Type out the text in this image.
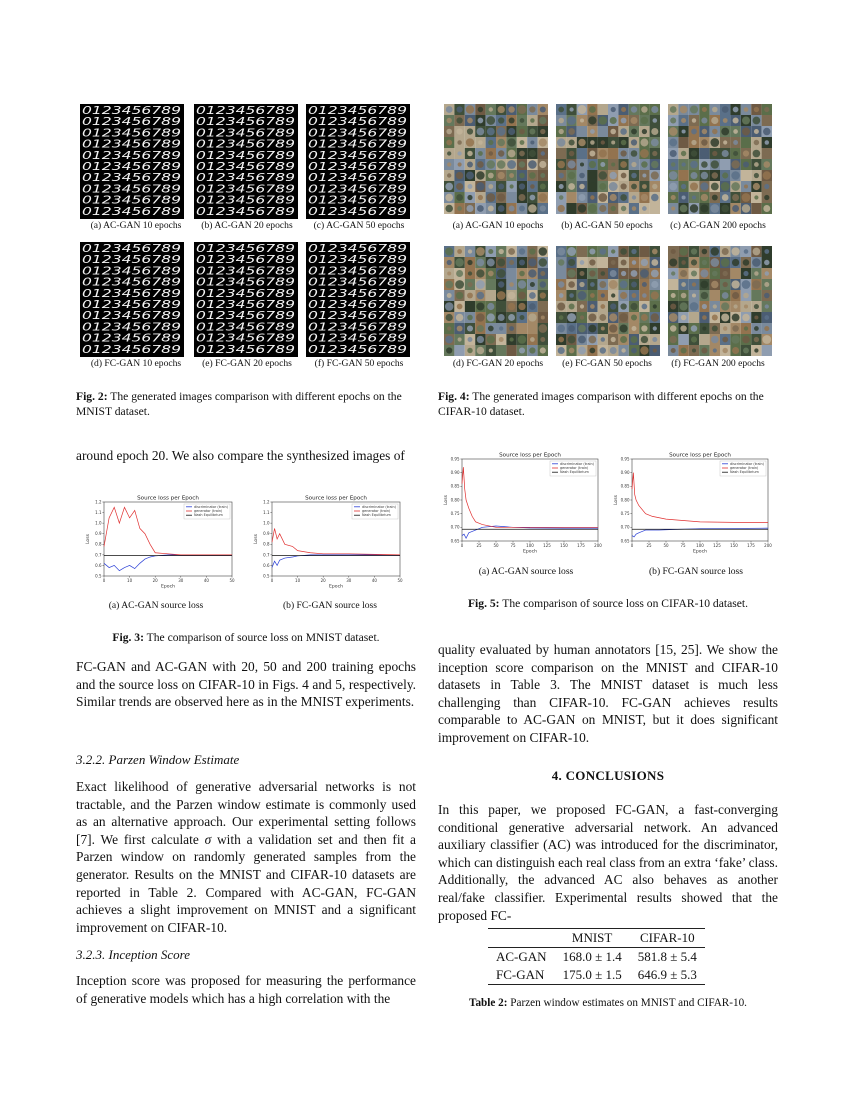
0123456789
0123456789
0123456789
0123456789
0123456789
0123456789
0123456789
0123456789
0123456789
0123456789
0123456789
0123456789
0123456789
0123456789
0123456789
0123456789
0123456789
0123456789
0123456789
0123456789
0123456789
0123456789
0123456789
0123456789
0123456789
0123456789
0123456789
0123456789
0123456789
0123456789
0123456789
0123456789
0123456789
0123456789
0123456789
0123456789
0123456789
0123456789
0123456789
0123456789
0123456789
0123456789
0123456789
0123456789
0123456789
0123456789
0123456789
0123456789
0123456789
0123456789
0123456789
0123456789
0123456789
0123456789
0123456789
0123456789
0123456789
0123456789
0123456789
0123456789
(a) AC-GAN 10 epochs	(b) AC-GAN 20 epochs	(c) AC-GAN 50 epochs
(d) FC-GAN 10 epochs	(e) FC-GAN 20 epochs	(f) FC-GAN 50 epochs
Fig. 2: The generated images comparison with different epochs on the MNIST dataset.
(a) AC-GAN 10 epochs	(b) AC-GAN 50 epochs	(c) AC-GAN 200 epochs
(d) FC-GAN 20 epochs	(e) FC-GAN 50 epochs	(f) FC-GAN 200 epochs
Fig. 4: The generated images comparison with different epochs on the CIFAR-10 dataset.
around epoch 20. We also compare the synthesized images of
Source loss per Epoch
0	10	20	30	40	50
0.5
0.6
0.7
0.8
0.9
1.0
1.1
1.2
Epoch
Loss
discriminator (train)
generator (train)
Nash Equilibrium
Source loss per Epoch
0	10	20	30	40	50
0.5
0.6
0.7
0.8
0.9
1.0
1.1
1.2
Epoch
Loss
discriminator (train)
generator (train)
Nash Equilibrium
(a) AC-GAN source loss	(b) FC-GAN source loss
Fig. 3: The comparison of source loss on MNIST dataset.
FC-GAN and AC-GAN with 20, 50 and 200 training epochs and the source loss on CIFAR-10 in Figs. 4 and 5, respectively. Similar trends are observed here as in the MNIST experiments.
3.2.2. Parzen Window Estimate
Exact likelihood of generative adversarial networks is not tractable, and the Parzen window estimate is commonly used as an alternative approach. Our experimental setting follows [7]. We first calculate σ with a validation set and then fit a Parzen window on randomly generated samples from the generator. Results on the MNIST and CIFAR-10 datasets are reported in Table 2. Compared with AC-GAN, FC-GAN achieves a slight improvement on MNIST and a significant improvement on CIFAR-10.
3.2.3. Inception Score
Inception score was proposed for measuring the performance of generative models which has a high correlation with the
Source loss per Epoch
0	25	50	75	100 125 150 175 200
0.65
0.70
0.75
0.80
0.85
0.90
0.95
Epoch
Loss
discriminator (train)
generator (train)
Nash Equilibrium
Source loss per Epoch
0	25	50	75	100 125 150 175 200
0.65
0.70
0.75
0.80
0.85
0.90
0.95
Epoch
Loss
discriminator (train)
generator (train)
Nash Equilibrium
(a) AC-GAN source loss	(b) FC-GAN source loss
Fig. 5: The comparison of source loss on CIFAR-10 dataset.
quality evaluated by human annotators [15, 25]. We show the inception score comparison on the MNIST and CIFAR-10 datasets in Table 3. The MNIST dataset is much less challenging than CIFAR-10. FC-GAN achieves results comparable to AC-GAN on MNIST, but it does significant improvement on CIFAR-10.
4. CONCLUSIONS
In this paper, we proposed FC-GAN, a fast-converging conditional generative adversarial network. An advanced auxiliary classifier (AC) was introduced for the discriminator, which can distinguish each real class from an extra ‘fake’ class. Additionally, the advanced AC also behaves as another real/fake classifier. Experimental results showed that the proposed FC-
	MNIST	CIFAR-10
AC-GAN	168.0 ± 1.4	581.8 ± 5.4
FC-GAN	175.0 ± 1.5	646.9 ± 5.3
Table 2: Parzen window estimates on MNIST and CIFAR-10.
